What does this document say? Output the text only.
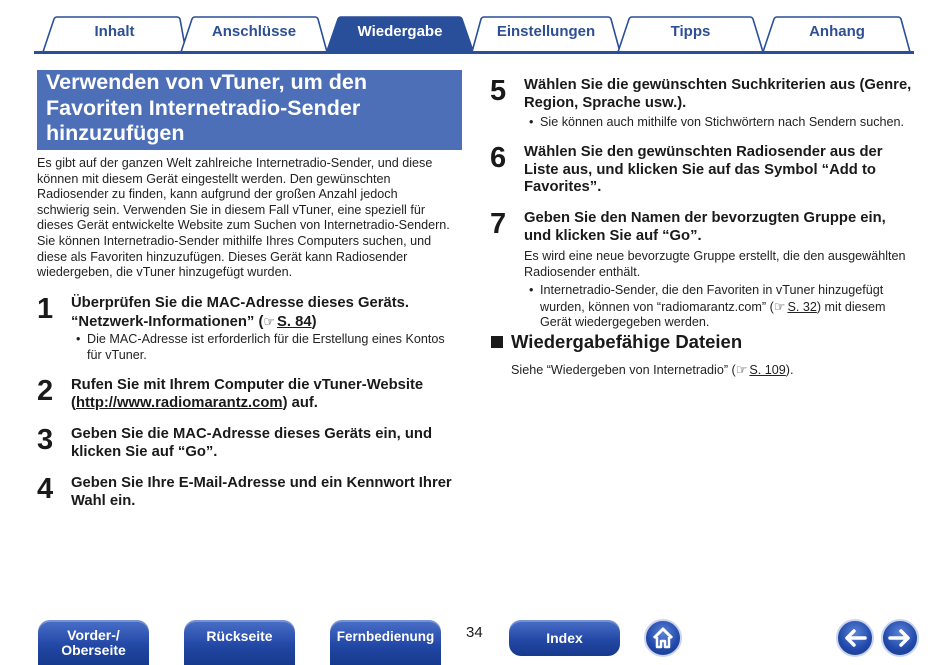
Inhalt	Anschlüsse	Wiedergabe	Einstellungen	Tipps	Anhang
Verwenden von vTuner, um den
Favoriten Internetradio-Sender
hinzuzufügen
Es gibt auf der ganzen Welt zahlreiche Internetradio-Sender, und diese
können mit diesem Gerät eingestellt werden. Den gewünschten
Radiosender zu finden, kann aufgrund der großen Anzahl jedoch
schwierig sein. Verwenden Sie in diesem Fall vTuner, eine speziell für
dieses Gerät entwickelte Website zum Suchen von Internetradio-Sendern.
Sie können Internetradio-Sender mithilfe Ihres Computers suchen, und
diese als Favoriten hinzuzufügen. Dieses Gerät kann Radiosender
wiedergeben, die vTuner hinzugefügt wurden.
1 Überprüfen Sie die MAC-Adresse dieses Geräts.
“Netzwerk-Informationen” (☞ S. 84)
• Die MAC-Adresse ist erforderlich für die Erstellung eines Kontos
für vTuner.
2 Rufen Sie mit Ihrem Computer die vTuner-Website
(http://www.radiomarantz.com) auf.
3 Geben Sie die MAC-Adresse dieses Geräts ein, und
klicken Sie auf “Go”.
4 Geben Sie Ihre E-Mail-Adresse und ein Kennwort Ihrer
Wahl ein.
5 Wählen Sie die gewünschten Suchkriterien aus (Genre,
Region, Sprache usw.).
• Sie können auch mithilfe von Stichwörtern nach Sendern suchen.
6 Wählen Sie den gewünschten Radiosender aus der
Liste aus, und klicken Sie auf das Symbol “Add to
Favorites”.
7 Geben Sie den Namen der bevorzugten Gruppe ein,
und klicken Sie auf “Go”.
Es wird eine neue bevorzugte Gruppe erstellt, die den ausgewählten
Radiosender enthält.
• Internetradio-Sender, die den Favoriten in vTuner hinzugefügt
wurden, können von “radiomarantz.com” (☞ S. 32) mit diesem
Gerät wiedergegeben werden.
Wiedergabefähige Dateien
Siehe “Wiedergeben von Internetradio” (☞ S. 109).
Vorder-/
Oberseite
Rückseite	Fernbedienung 34	Index
